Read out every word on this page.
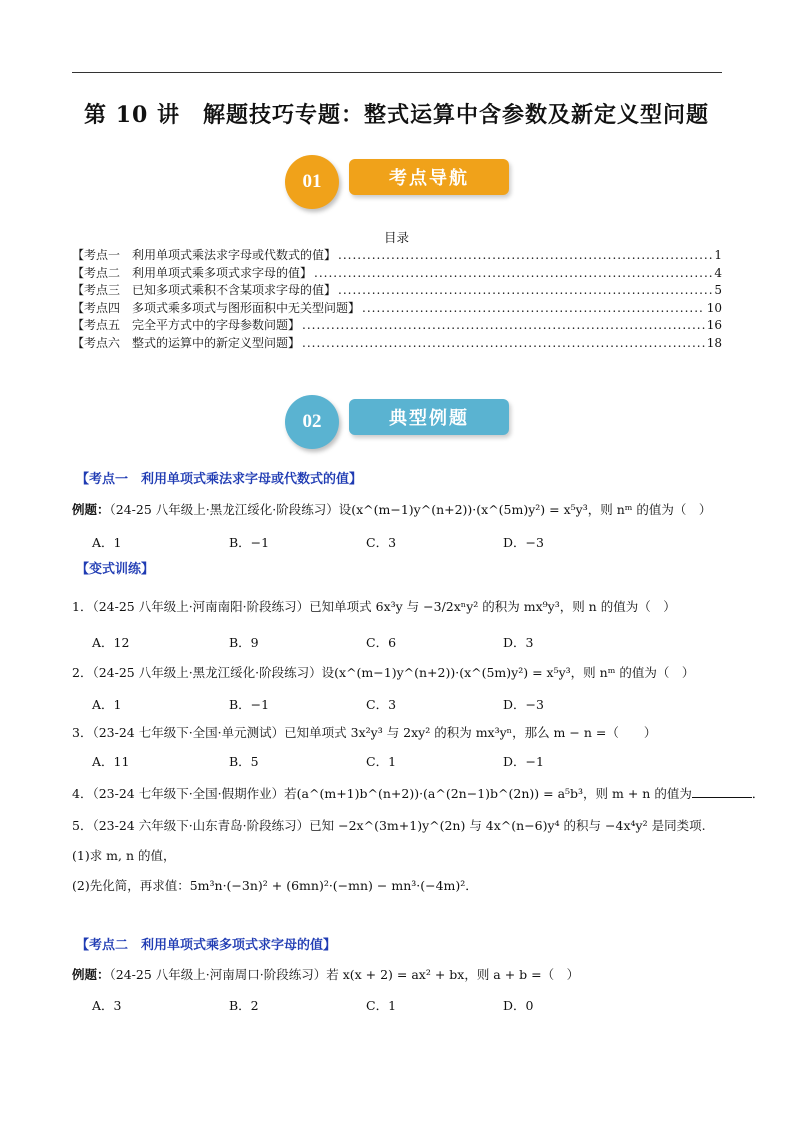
第 10 讲　解题技巧专题：整式运算中含参数及新定义型问题
01	考点导航
目录
【考点一　利用单项式乘法求字母或代数式的值】 .....	1
【考点二　利用单项式乘多项式求字母的值】 .....	4
【考点三　已知多项式乘积不含某项求字母的值】 .....	5
【考点四　多项式乘多项式与图形面积中无关型问题】 .....	10
【考点五　完全平方式中的字母参数问题】 .....	16
【考点六　整式的运算中的新定义型问题】 .....	18
02	典型例题
【考点一　利用单项式乘法求字母或代数式的值】
例题：（24-25 八年级上·黑龙江绥化·阶段练习）设(x^(m−1)y^(n+2))·(x^(5m)y²) = x⁵y³，则 nᵐ 的值为（　）
A．1	B．−1	C．3	D．−3
【变式训练】
1．（24-25 八年级上·河南南阳·阶段练习）已知单项式 6x³y 与 −3/2xⁿy² 的积为 mx⁹y³，则 n 的值为（　）
A．12	B．9	C．6	D．3
2．（24-25 八年级上·黑龙江绥化·阶段练习）设(x^(m−1)y^(n+2))·(x^(5m)y²) = x⁵y³，则 nᵐ 的值为（　）
A．1	B．−1	C．3	D．−3
3．（23-24 七年级下·全国·单元测试）已知单项式 3x²y³ 与 2xy² 的积为 mx³yⁿ，那么 m − n =（　　）
A．11	B．5	C．1	D．−1
4．（23-24 七年级下·全国·假期作业）若(a^(m+1)b^(n+2))·(a^(2n−1)b^(2n)) = a⁵b³，则 m + n 的值为	．
5．（23-24 六年级下·山东青岛·阶段练习）已知 −2x^(3m+1)y^(2n) 与 4x^(n−6)y⁴ 的积与 −4x⁴y² 是同类项.
(1)求 m, n 的值，
(2)先化简，再求值：5m³n·(−3n)² + (6mn)²·(−mn) − mn³·(−4m)²．
【考点二　利用单项式乘多项式求字母的值】
例题：（24-25 八年级上·河南周口·阶段练习）若 x(x + 2) = ax² + bx，则 a + b =（　）
A．3	B．2	C．1	D．0
